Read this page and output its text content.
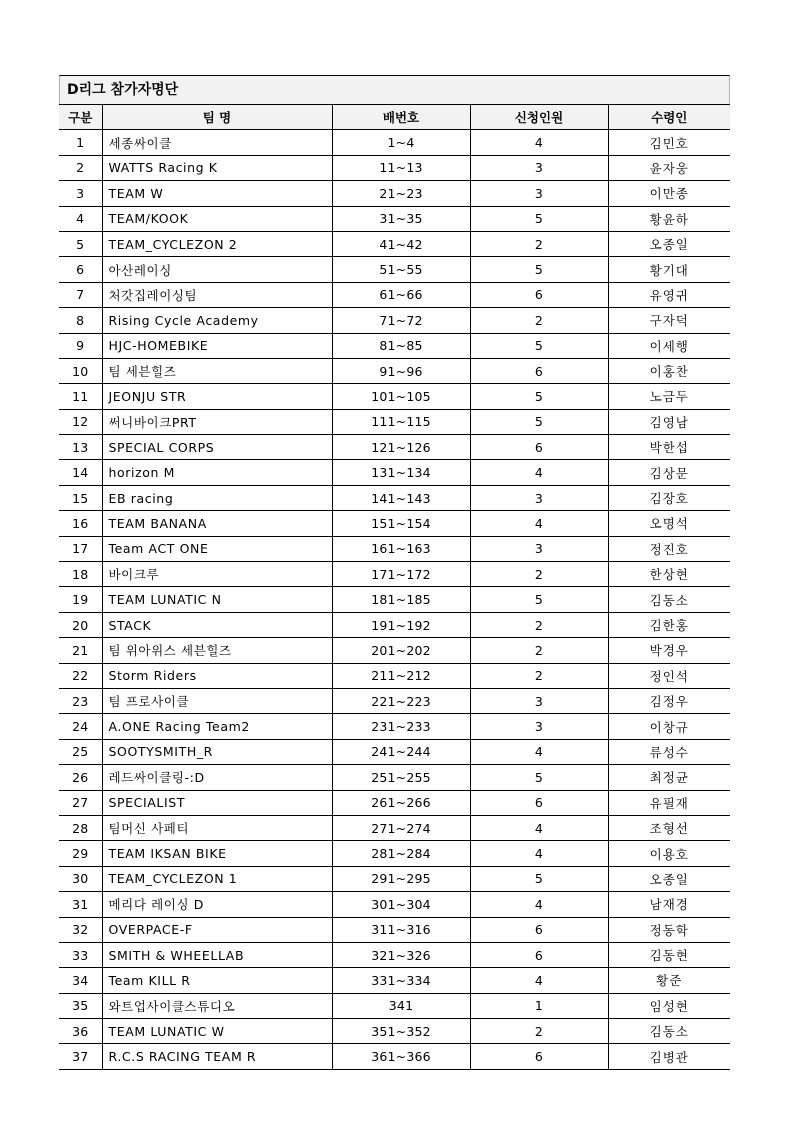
D리그 참가자명단
구분	팀 명	배번호	신청인원	수령인
1	세종싸이클	1~4	4	김민호
2	WATTS Racing K	11~13	3	윤자웅
3	TEAM W	21~23	3	이만종
4	TEAM/KOOK	31~35	5	황윤하
5	TEAM_CYCLEZON 2	41~42	2	오종일
6	아산레이싱	51~55	5	황기대
7	처갓집레이싱팀	61~66	6	유영귀
8	Rising Cycle Academy	71~72	2	구자덕
9	HJC-HOMEBIKE	81~85	5	이세행
10	팀 세븐힐즈	91~96	6	이홍찬
11	JEONJU STR	101~105	5	노금두
12	써니바이크PRT	111~115	5	김영남
13	SPECIAL CORPS	121~126	6	박한섭
14	horizon M	131~134	4	김상문
15	EB racing	141~143	3	김장호
16	TEAM BANANA	151~154	4	오명석
17	Team ACT ONE	161~163	3	정진호
18	바이크루	171~172	2	한상현
19	TEAM LUNATIC N	181~185	5	김동소
20	STACK	191~192	2	김한홍
21	팀 위아위스 세븐힐즈	201~202	2	박경우
22	Storm Riders	211~212	2	정인석
23	팀 프로사이클	221~223	3	김정우
24	A.ONE Racing Team2	231~233	3	이창규
25	SOOTYSMITH_R	241~244	4	류성수
26	레드싸이클링-:D	251~255	5	최정균
27	SPECIALIST	261~266	6	유필재
28	팀머신 사페티	271~274	4	조형선
29	TEAM IKSAN BIKE	281~284	4	이용호
30	TEAM_CYCLEZON 1	291~295	5	오종일
31	메리다 레이싱 D	301~304	4	남재경
32	OVERPACE-F	311~316	6	정동학
33	SMITH & WHEELLAB	321~326	6	김동현
34	Team KILL R	331~334	4	황준
35	와트업사이클스튜디오	341	1	임성현
36	TEAM LUNATIC W	351~352	2	김동소
37	R.C.S RACING TEAM R	361~366	6	김병관
